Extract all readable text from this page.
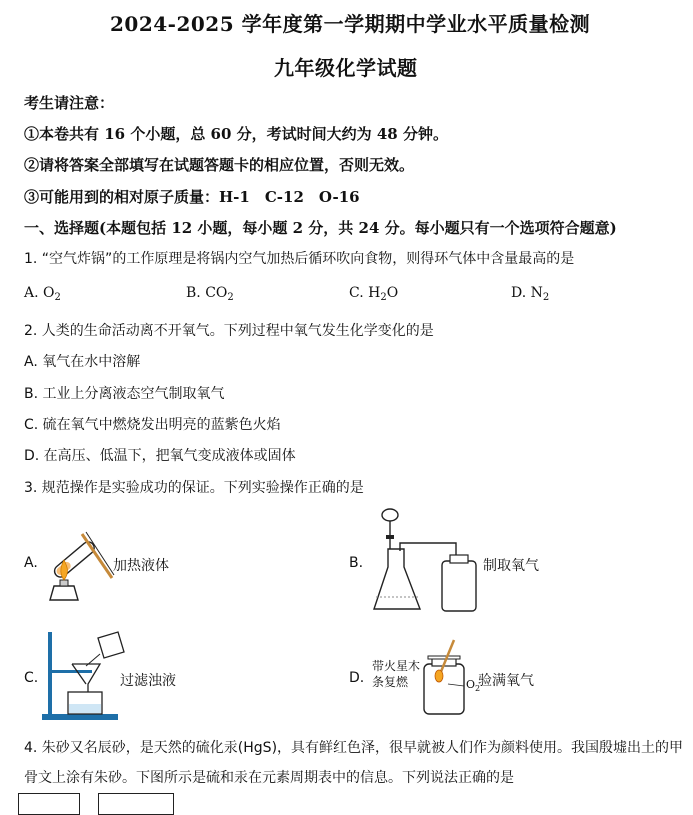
2024-2025 学年度第一学期期中学业水平质量检测
九年级化学试题
考生请注意：
①本卷共有 16 个小题，总 60 分，考试时间大约为 48 分钟。
②请将答案全部填写在试题答题卡的相应位置，否则无效。
③可能用到的相对原子质量：H-1　C-12　O-16
一、选择题(本题包括 12 小题，每小题 2 分，共 24 分。每小题只有一个选项符合题意)
1. “空气炸锅”的工作原理是将锅内空气加热后循环吹向食物，则得环气体中含量最高的是
A. $O_2$	B. $CO_2$	C. $H_2O$	D. $N_2$
2. 人类的生命活动离不开氧气。下列过程中氧气发生化学变化的是
A. 氧气在水中溶解
B. 工业上分离液态空气制取氧气
C. 硫在氧气中燃烧发出明亮的蓝紫色火焰
D. 在高压、低温下，把氧气变成液体或固体
3. 规范操作是实验成功的保证。下列实验操作正确的是
A.	加热液体	B.	制取氧气
C.	过滤浊液	D.
带火星木
条复燃	$O_2$
验满氧气
4. 朱砂又名辰砂，是天然的硫化汞(HgS)，具有鲜红色泽，很早就被人们作为颜料使用。我国殷墟出土的甲
骨文上涂有朱砂。下图所示是硫和汞在元素周期表中的信息。下列说法正确的是
